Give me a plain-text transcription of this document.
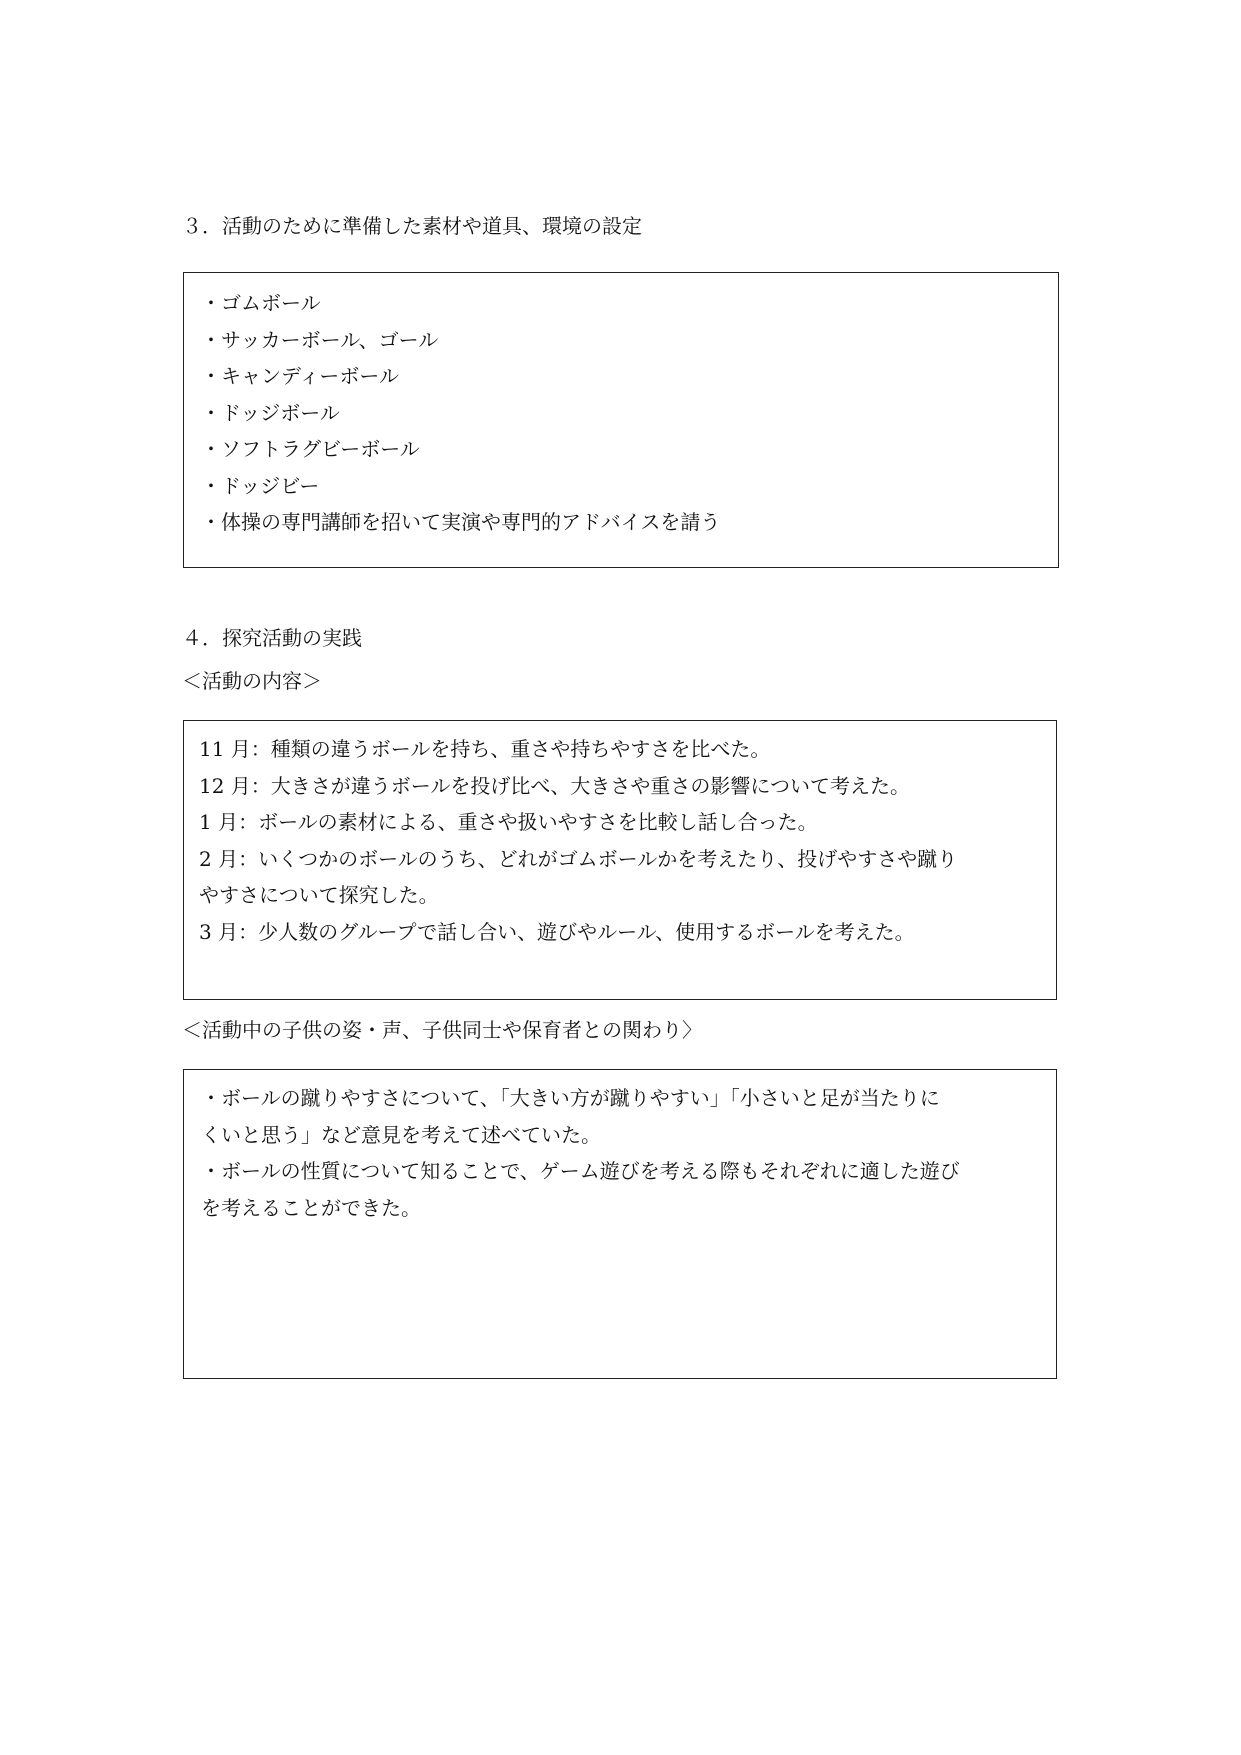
３．活動のために準備した素材や道具、環境の設定
・ゴムボール
・サッカーボール、ゴール
・キャンディーボール
・ドッジボール
・ソフトラグビーボール
・ドッジビー
・体操の専門講師を招いて実演や専門的アドバイスを請う
４．探究活動の実践
＜活動の内容＞
11 月：種類の違うボールを持ち、重さや持ちやすさを比べた。
12 月：大きさが違うボールを投げ比べ、大きさや重さの影響について考えた。
1 月：ボールの素材による、重さや扱いやすさを比較し話し合った。
2 月：いくつかのボールのうち、どれがゴムボールかを考えたり、投げやすさや蹴り
やすさについて探究した。
3 月：少人数のグループで話し合い、遊びやルール、使用するボールを考えた。
＜活動中の子供の姿・声、子供同士や保育者との関わり〉
・ボールの蹴りやすさについて、「大きい方が蹴りやすい」「小さいと足が当たりに
くいと思う」など意見を考えて述べていた。
・ボールの性質について知ることで、ゲーム遊びを考える際もそれぞれに適した遊び
を考えることができた。
